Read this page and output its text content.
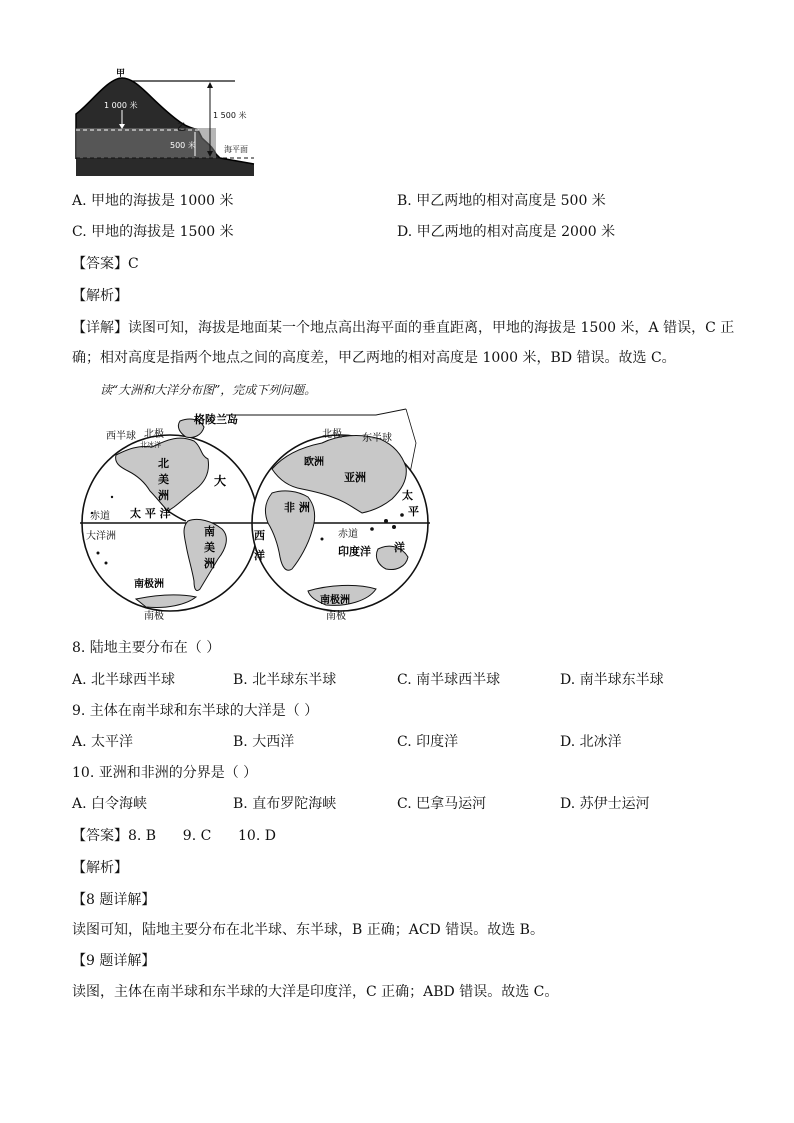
甲
1 000 米
1 500 米
乙
500 米	海平面
A. 甲地的海拔是 1000 米	B. 甲乙两地的相对高度是 500 米
C. 甲地的海拔是 1500 米	D. 甲乙两地的相对高度是 2000 米
【答案】C
【解析】
【详解】读图可知，海拔是地面某一个地点高出海平面的垂直距离，甲地的海拔是 1500 米，A 错误，C 正
确；相对高度是指两个地点之间的高度差，甲乙两地的相对高度是 1000 米，BD 错误。故选 C。
读“大洲和大洋分布图”，完成下列问题。
格陵兰岛
西半球 北极
北冰洋
北
美
洲
大
太 平 洋
赤道
大洋洲	南
美
洲
南极洲
南极
北极 东半球
欧洲
亚洲
非 洲
西
洋
赤道
印度洋
太
平
洋
南极洲
南极
8. 陆地主要分布在（ ）
A. 北半球西半球	B. 北半球东半球	C. 南半球西半球	D. 南半球东半球
9. 主体在南半球和东半球的大洋是（ ）
A. 太平洋	B. 大西洋	C. 印度洋	D. 北冰洋
10. 亚洲和非洲的分界是（ ）
A. 白令海峡	B. 直布罗陀海峡	C. 巴拿马运河	D. 苏伊士运河
【答案】8. B      9. C      10. D
【解析】
【8 题详解】
读图可知，陆地主要分布在北半球、东半球，B 正确；ACD 错误。故选 B。
【9 题详解】
读图，主体在南半球和东半球的大洋是印度洋，C 正确；ABD 错误。故选 C。
